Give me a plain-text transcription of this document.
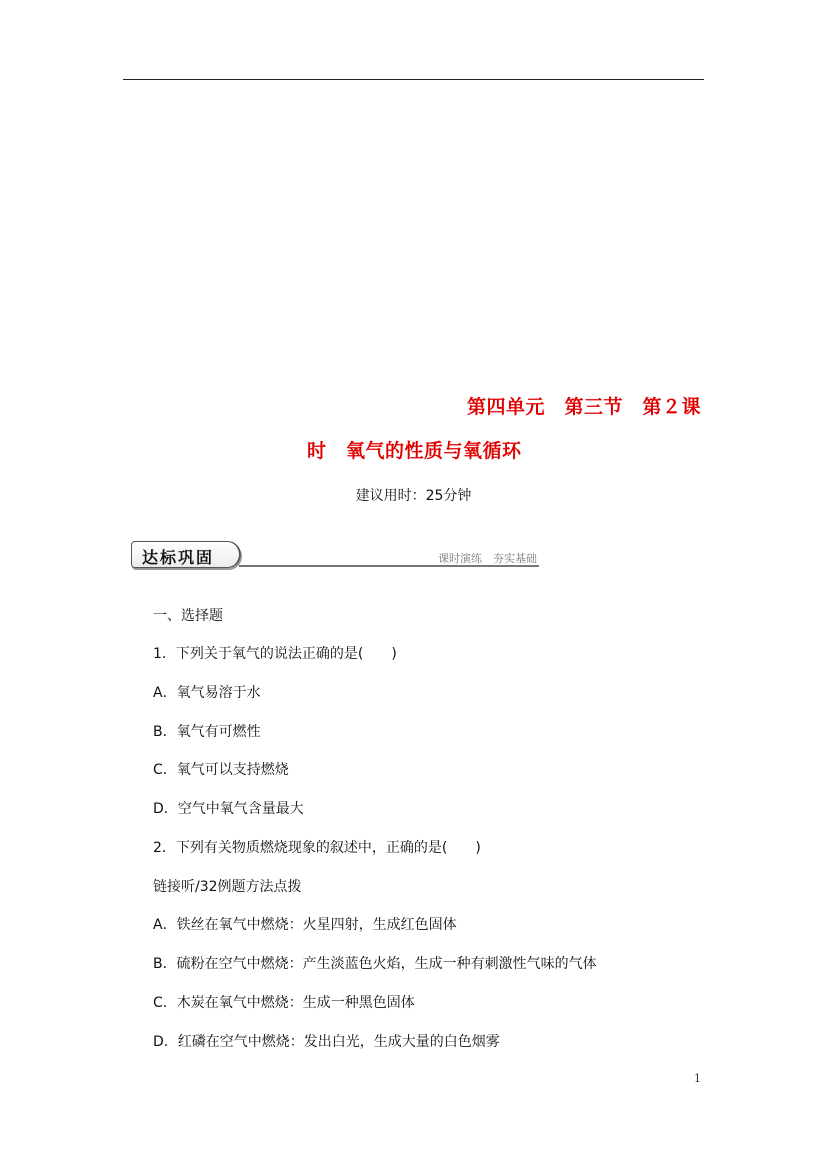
第四单元　第三节　第２课
时　氧气的性质与氧循环
建议用时：25分钟
达标巩固	课时演练　夯实基础
一、选择题
1．下列关于氧气的说法正确的是(　　)
A．氧气易溶于水
B．氧气有可燃性
C．氧气可以支持燃烧
D．空气中氧气含量最大
2．下列有关物质燃烧现象的叙述中，正确的是(　　)
链接听/32例题方法点拨
A．铁丝在氧气中燃烧：火星四射，生成红色固体
B．硫粉在空气中燃烧：产生淡蓝色火焰，生成一种有刺激性气味的气体
C．木炭在氧气中燃烧：生成一种黑色固体
D．红磷在空气中燃烧：发出白光，生成大量的白色烟雾
1
